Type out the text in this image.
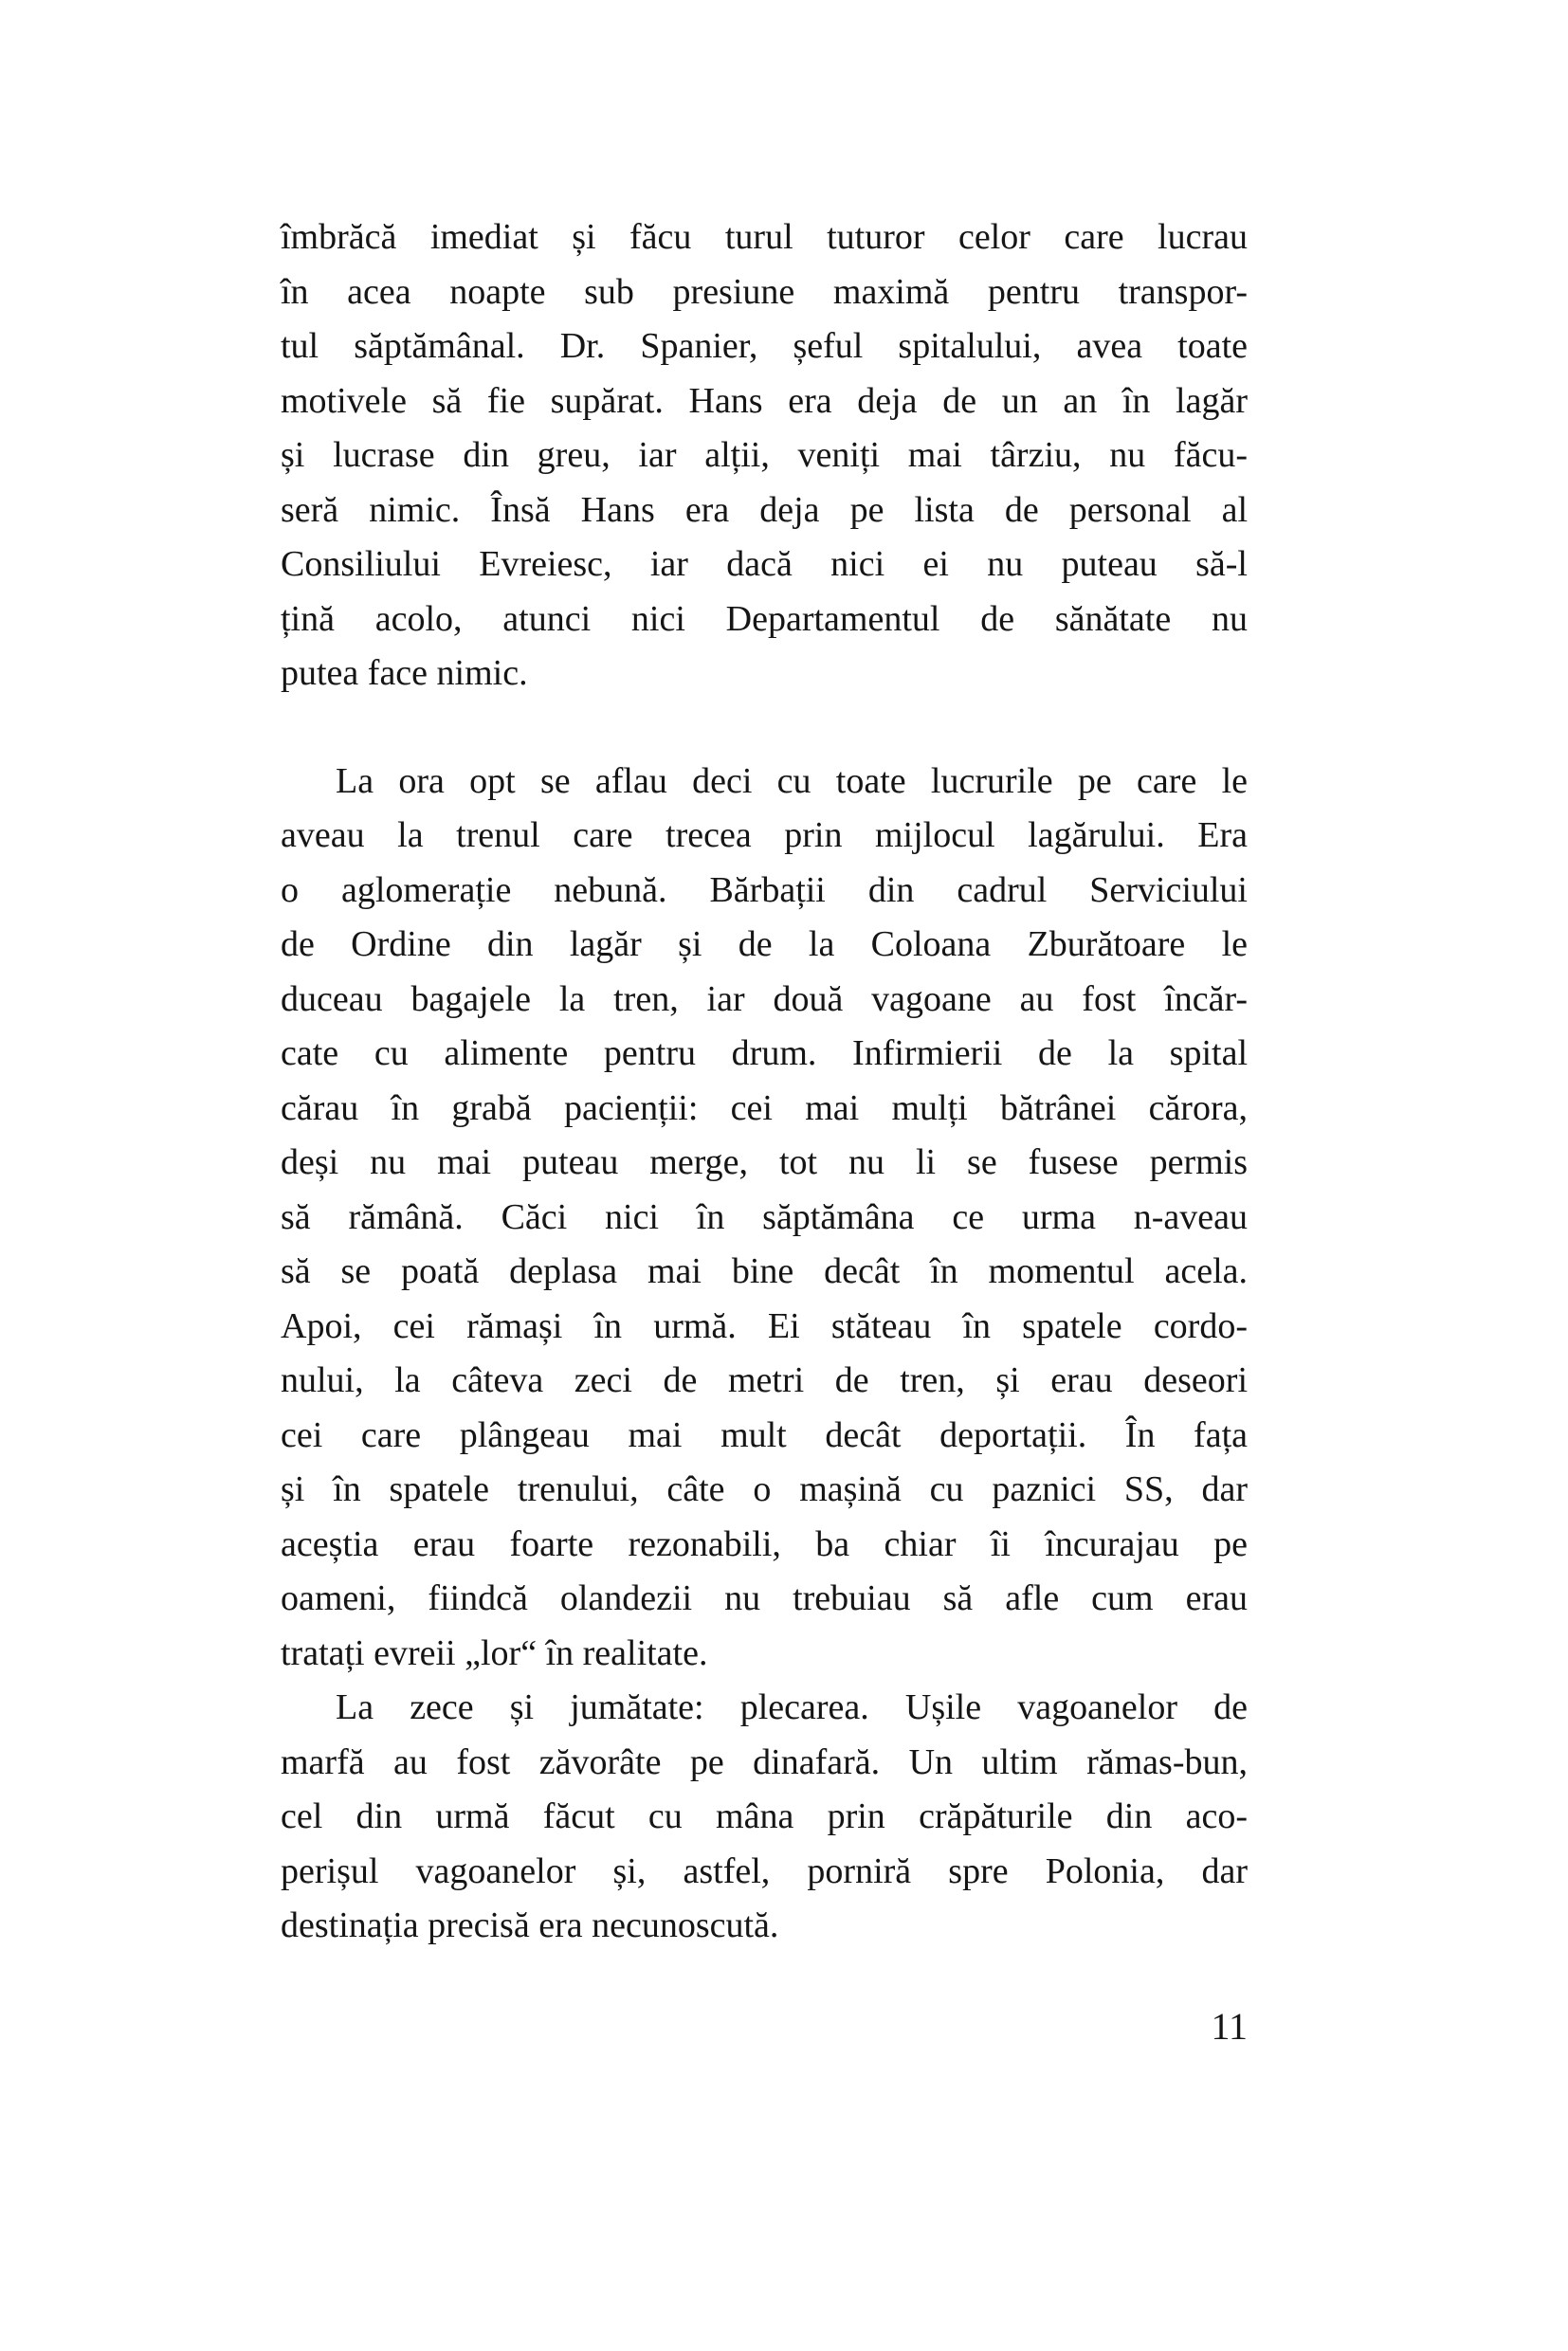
îmbrăcă imediat și făcu turul tuturor celor care lucrau
în acea noapte sub presiune maximă pentru transpor-
tul săptămânal. Dr. Spanier, șeful spitalului, avea toate
motivele să fie supărat. Hans era deja de un an în lagăr
și lucrase din greu, iar alții, veniți mai târziu, nu făcu-
seră nimic. Însă Hans era deja pe lista de personal al
Consiliului Evreiesc, iar dacă nici ei nu puteau să-l
țină acolo, atunci nici Departamentul de sănătate nu
putea face nimic.
La ora opt se aflau deci cu toate lucrurile pe care le
aveau la trenul care trecea prin mijlocul lagărului. Era
o aglomerație nebună. Bărbații din cadrul Serviciului
de Ordine din lagăr și de la Coloana Zburătoare le
duceau bagajele la tren, iar două vagoane au fost încăr-
cate cu alimente pentru drum. Infirmierii de la spital
cărau în grabă pacienții: cei mai mulți bătrânei cărora,
deși nu mai puteau merge, tot nu li se fusese permis
să rămână. Căci nici în săptămâna ce urma n-aveau
să se poată deplasa mai bine decât în momentul acela.
Apoi, cei rămași în urmă. Ei stăteau în spatele cordo-
nului, la câteva zeci de metri de tren, și erau deseori
cei care plângeau mai mult decât deportații. În fața
și în spatele trenului, câte o mașină cu paznici SS, dar
aceștia erau foarte rezonabili, ba chiar îi încurajau pe
oameni, fiindcă olandezii nu trebuiau să afle cum erau
tratați evreii „lor“ în realitate.
La zece și jumătate: plecarea. Ușile vagoanelor de
marfă au fost zăvorâte pe dinafară. Un ultim rămas-bun,
cel din urmă făcut cu mâna prin crăpăturile din aco-
perișul vagoanelor și, astfel, porniră spre Polonia, dar
destinația precisă era necunoscută.
11
